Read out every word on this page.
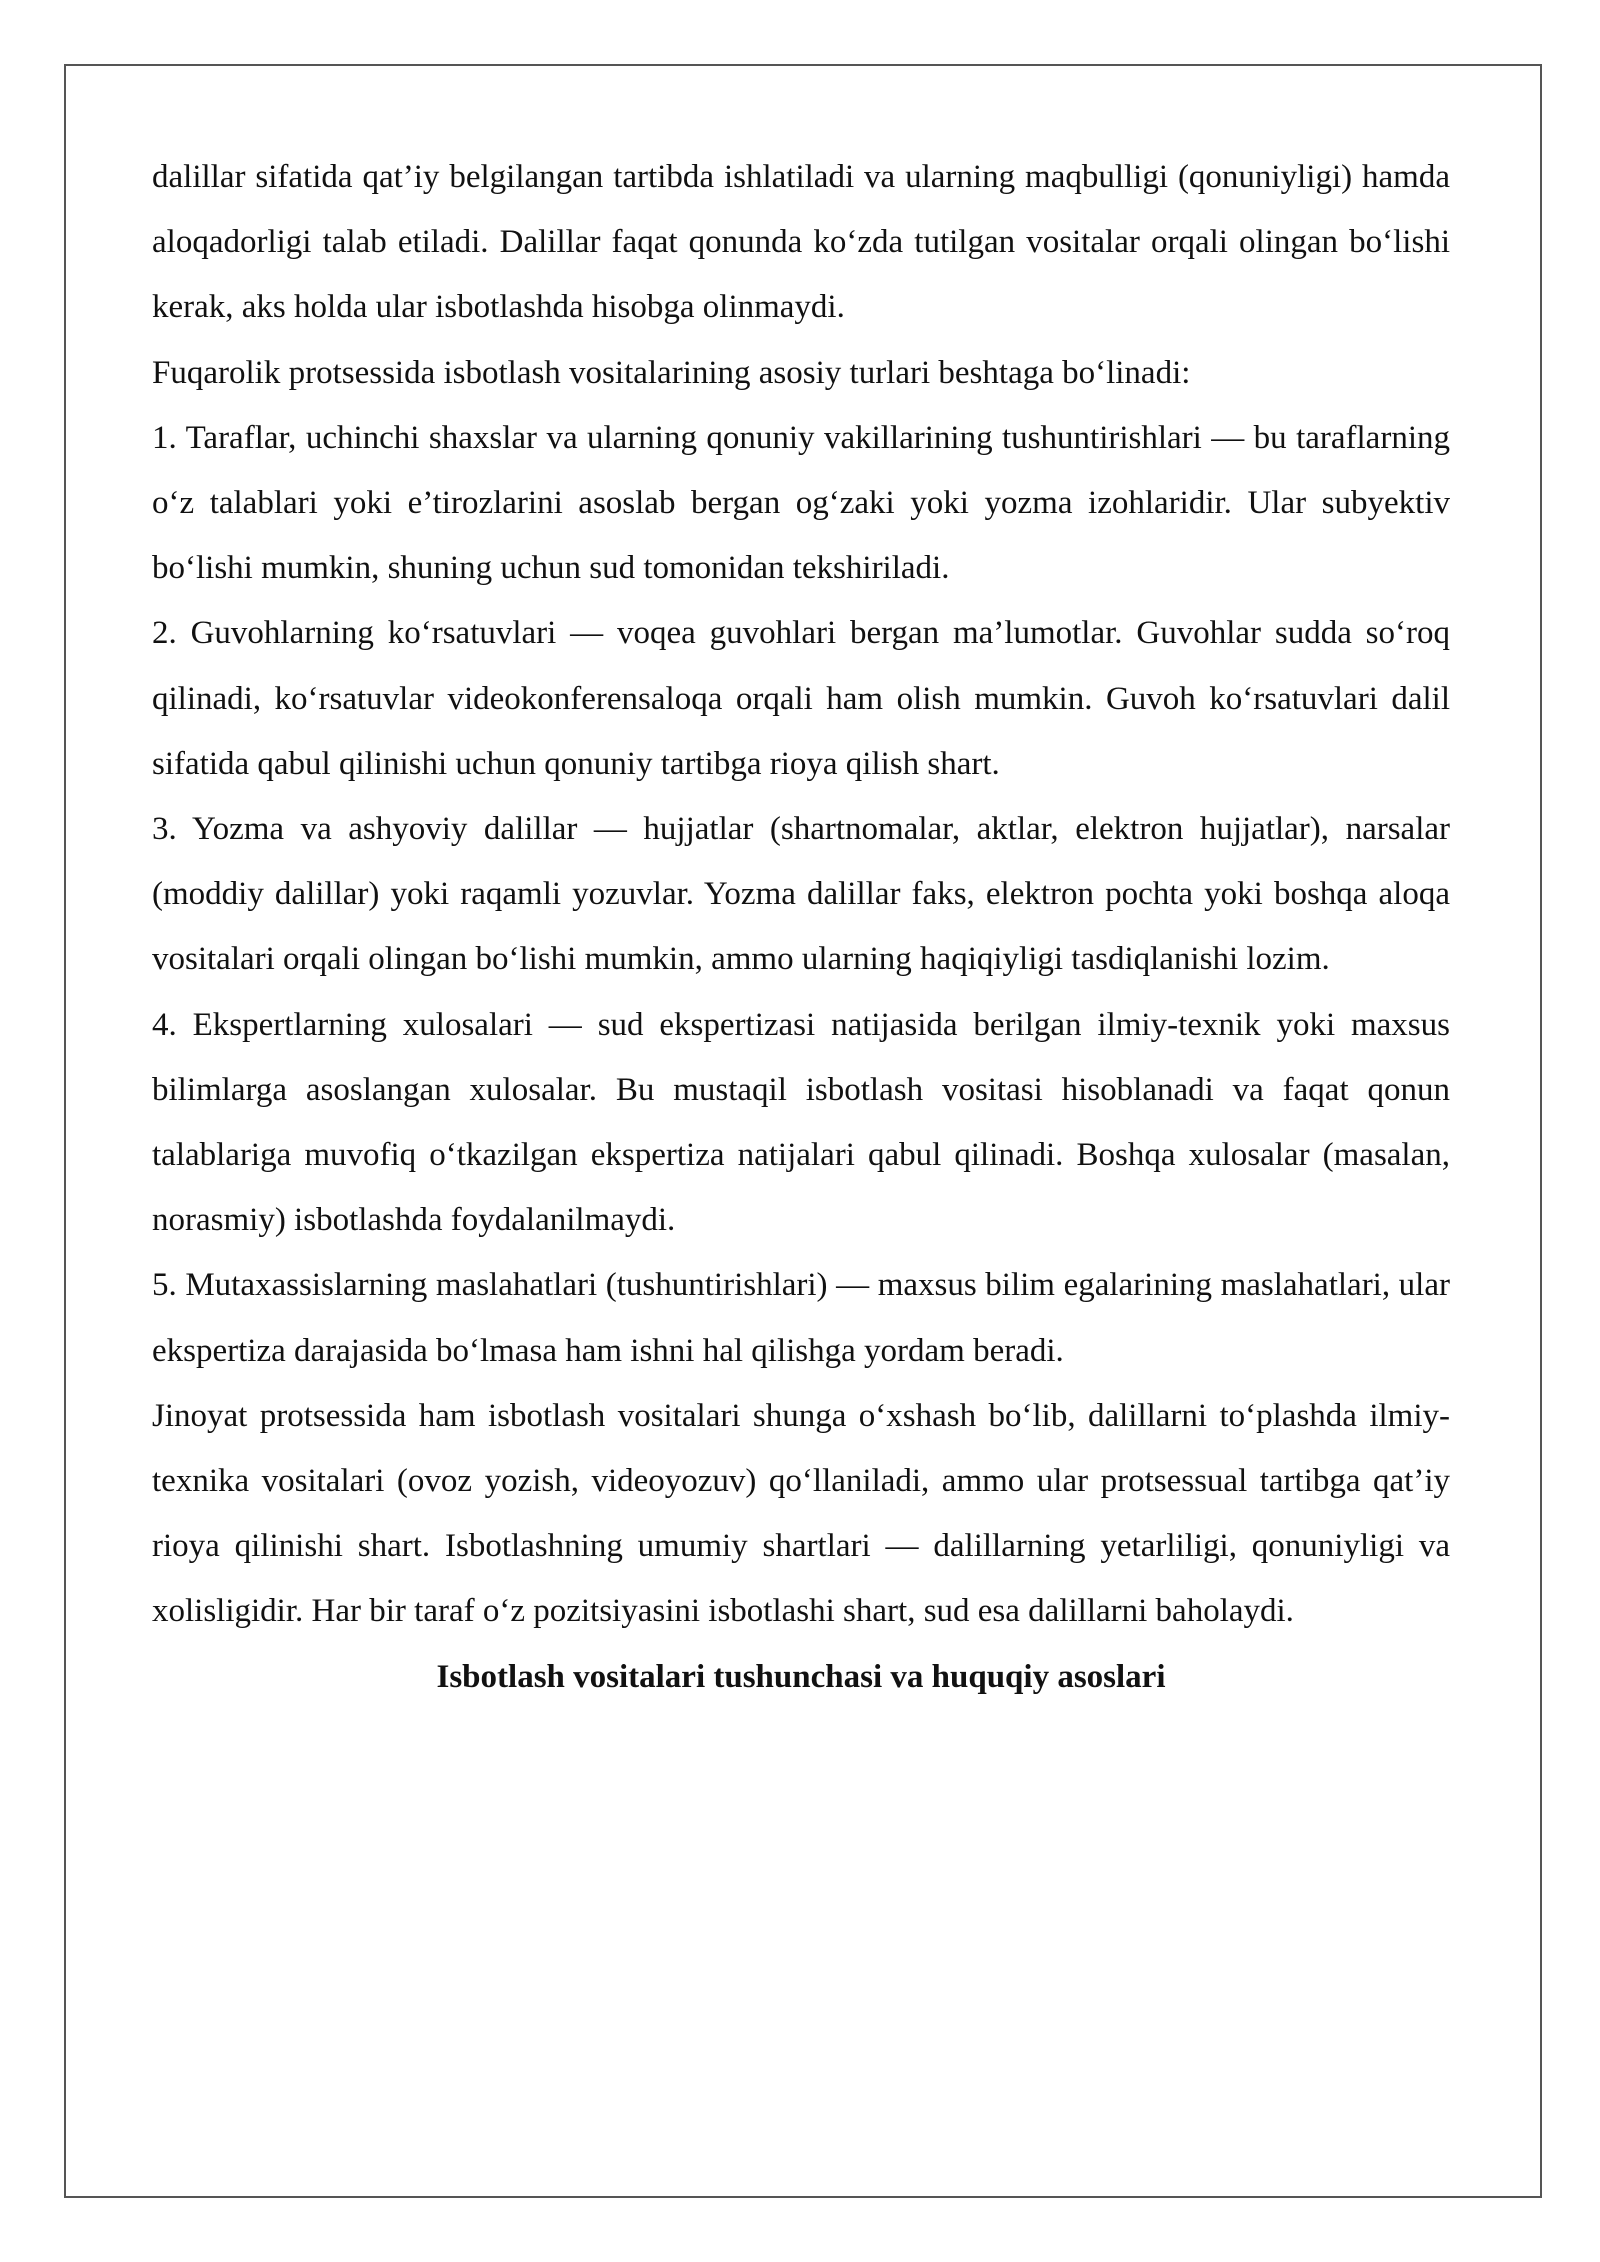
dalillar sifatida qat’iy belgilangan tartibda ishlatiladi va ularning maqbulligi (qonuniyligi) hamda aloqadorligi talab etiladi. Dalillar faqat qonunda ko‘zda tutilgan vositalar orqali olingan bo‘lishi kerak, aks holda ular isbotlashda hisobga olinmaydi.

Fuqarolik protsessida isbotlash vositalarining asosiy turlari beshtaga bo‘linadi:

1. Taraflar, uchinchi shaxslar va ularning qonuniy vakillarining tushuntirishlari — bu taraflarning o‘z talablari yoki e’tirozlarini asoslab bergan og‘zaki yoki yozma izohlaridir. Ular subyektiv bo‘lishi mumkin, shuning uchun sud tomonidan tekshiriladi.

2. Guvohlarning ko‘rsatuvlari — voqea guvohlari bergan ma’lumotlar. Guvohlar sudda so‘roq qilinadi, ko‘rsatuvlar videokonferensaloqa orqali ham olish mumkin. Guvoh ko‘rsatuvlari dalil sifatida qabul qilinishi uchun qonuniy tartibga rioya qilish shart.

3. Yozma va ashyoviy dalillar — hujjatlar (shartnomalar, aktlar, elektron hujjatlar), narsalar (moddiy dalillar) yoki raqamli yozuvlar. Yozma dalillar faks, elektron pochta yoki boshqa aloqa vositalari orqali olingan bo‘lishi mumkin, ammo ularning haqiqiyligi tasdiqlanishi lozim.

4. Ekspertlarning xulosalari — sud ekspertizasi natijasida berilgan ilmiy-texnik yoki maxsus bilimlarga asoslangan xulosalar. Bu mustaqil isbotlash vositasi hisoblanadi va faqat qonun talablariga muvofiq o‘tkazilgan ekspertiza natijalari qabul qilinadi. Boshqa xulosalar (masalan, norasmiy) isbotlashda foydalanilmaydi.

5. Mutaxassislarning maslahatlari (tushuntirishlari) — maxsus bilim egalarining maslahatlari, ular ekspertiza darajasida bo‘lmasa ham ishni hal qilishga yordam beradi.

Jinoyat protsessida ham isbotlash vositalari shunga o‘xshash bo‘lib, dalillarni to‘plashda ilmiy-texnika vositalari (ovoz yozish, videoyozuv) qo‘llaniladi, ammo ular protsessual tartibga qat’iy rioya qilinishi shart. Isbotlashning umumiy shartlari — dalillarning yetarliligi, qonuniyligi va xolisligidir. Har bir taraf o‘z pozitsiyasini isbotlashi shart, sud esa dalillarni baholaydi.

Isbotlash vositalari tushunchasi va huquqiy asoslari
